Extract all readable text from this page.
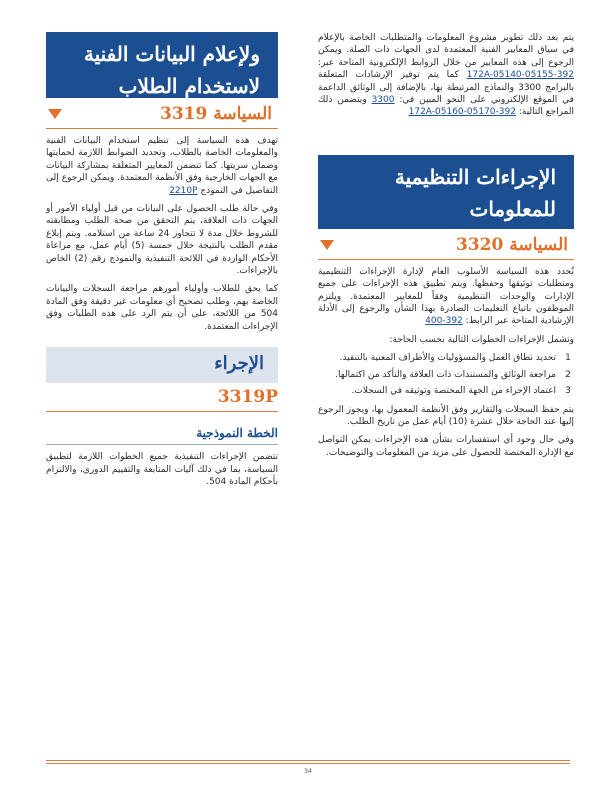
ولإعلام البيانات الفنية لاستخدام الطلاب
السياسة 3319

تهدف هذه السياسة إلى تنظيم استخدام البيانات الفنية والمعلومات الخاصة بالطلاب، وتحديد الضوابط اللازمة لحمايتها وضمان سريتها. كما تتضمن المعايير المتعلقة بمشاركة البيانات مع الجهات الخارجية وفق الأنظمة المعتمدة. ويمكن الرجوع إلى التفاصيل في النموذج 2210P

وفي حالة طلب الحصول على البيانات من قبل أولياء الأمور أو الجهات ذات العلاقة، يتم التحقق من صحة الطلب ومطابقته للشروط خلال مدة لا تتجاوز 24 ساعة من استلامه. ويتم إبلاغ مقدم الطلب بالنتيجة خلال خمسة (5) أيام عمل، مع مراعاة الأحكام الواردة في اللائحة التنفيذية والنموذج رقم (2) الخاص بالإجراءات.

كما يحق للطلاب وأولياء أمورهم مراجعة السجلات والبيانات الخاصة بهم، وطلب تصحيح أي معلومات غير دقيقة وفق المادة 504 من اللائحة، على أن يتم الرد على هذه الطلبات وفق الإجراءات المعتمدة.

الإجراء
3319P
الخطة النموذجية

تتضمن الإجراءات التنفيذية جميع الخطوات اللازمة لتطبيق السياسة، بما في ذلك آليات المتابعة والتقييم الدوري، والالتزام بأحكام المادة 504.

يتم بعد ذلك تطوير مشروع المعلومات والمتطلبات الخاصة بالإعلام في سياق المعايير الفنية المعتمدة لدى الجهات ذات الصلة. ويمكن الرجوع إلى هذه المعايير من خلال الروابط الإلكترونية المتاحة عبر: 392-172A-05140-05155 كما يتم توفير الإرشادات المتعلقة بالبرامج 3300 والنماذج المرتبطة بها، بالإضافة إلى الوثائق الداعمة في الموقع الإلكتروني على النحو المبين في: 3300 ويتضمن ذلك المراجع التالية: 392-172A-05160-05170

الإجراءات التنظيمية للمعلومات
السياسة 3320

تُحدد هذه السياسة الأسلوب العام لإدارة الإجراءات التنظيمية ومتطلبات توثيقها وحفظها. ويتم تطبيق هذه الإجراءات على جميع الإدارات والوحدات التنظيمية وفقاً للمعايير المعتمدة. ويلتزم الموظفون باتباع التعليمات الصادرة بهذا الشأن والرجوع إلى الأدلة الإرشادية المتاحة عبر الرابط: 392-400

وتشمل الإجراءات الخطوات التالية بحسب الحاجة:

1
تحديد نطاق العمل والمسؤوليات والأطراف المعنية بالتنفيذ.
2
مراجعة الوثائق والمستندات ذات العلاقة والتأكد من اكتمالها.
3
اعتماد الإجراء من الجهة المختصة وتوثيقه في السجلات.

يتم حفظ السجلات والتقارير وفق الأنظمة المعمول بها، ويجوز الرجوع إليها عند الحاجة خلال عشرة (10) أيام عمل من تاريخ الطلب.

وفي حال وجود أي استفسارات بشأن هذه الإجراءات يمكن التواصل مع الإدارة المختصة للحصول على مزيد من المعلومات والتوضيحات.

34
